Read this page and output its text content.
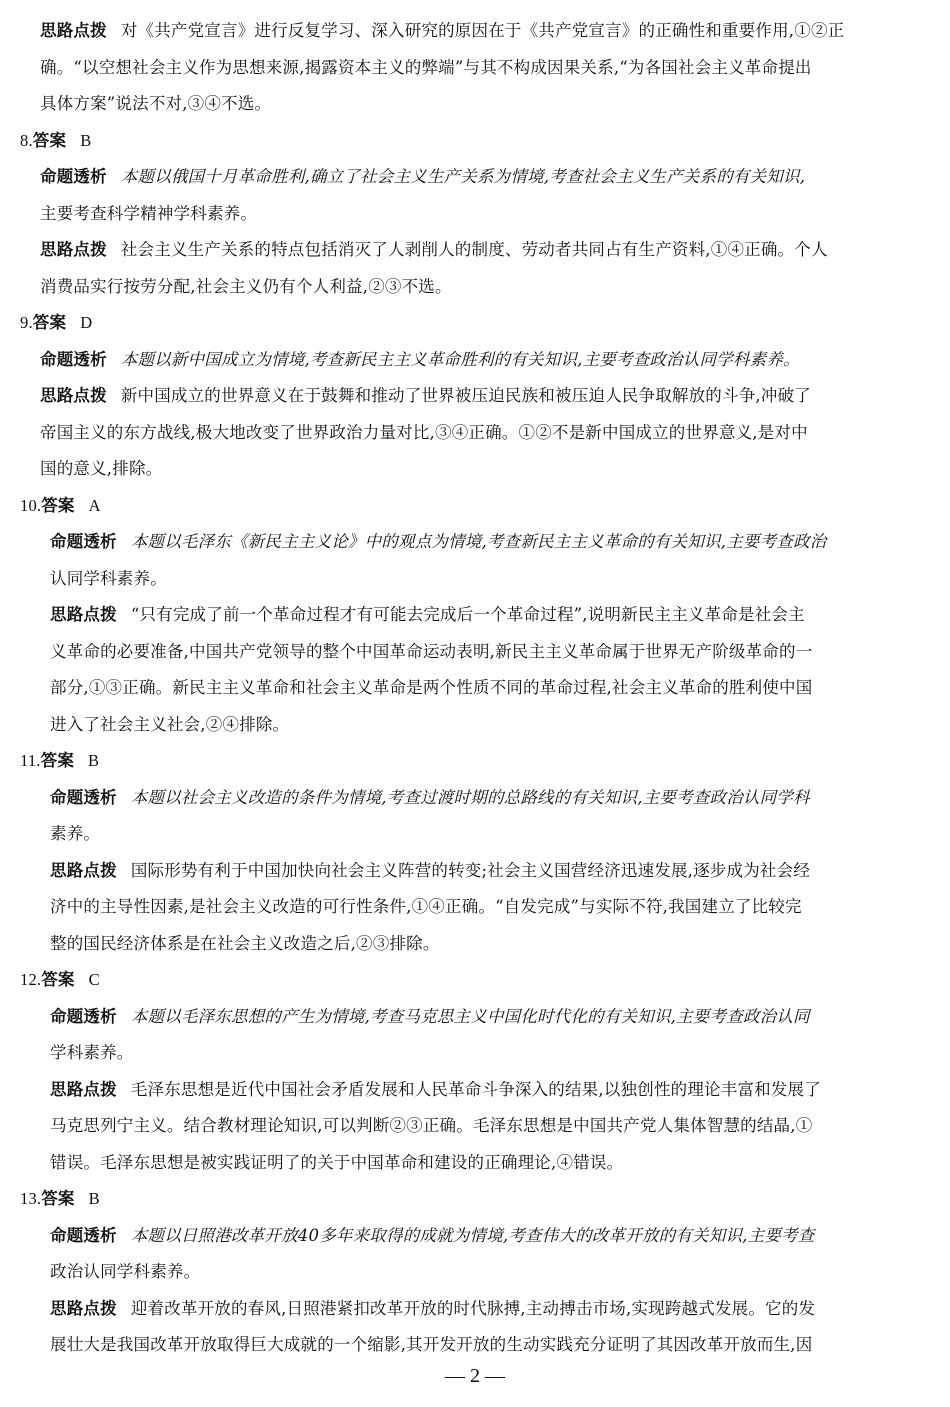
思路点拨 对《共产党宣言》进行反复学习、深入研究的原因在于《共产党宣言》的正确性和重要作用,①②正
确。“以空想社会主义作为思想来源,揭露资本主义的弊端”与其不构成因果关系,“为各国社会主义革命提出
具体方案”说法不对,③④不选。
8.答案 B
命题透析 本题以俄国十月革命胜利,确立了社会主义生产关系为情境,考查社会主义生产关系的有关知识,
主要考查科学精神学科素养。
思路点拨 社会主义生产关系的特点包括消灭了人剥削人的制度、劳动者共同占有生产资料,①④正确。个人
消费品实行按劳分配,社会主义仍有个人利益,②③不选。
9.答案 D
命题透析 本题以新中国成立为情境,考查新民主主义革命胜利的有关知识,主要考查政治认同学科素养。
思路点拨 新中国成立的世界意义在于鼓舞和推动了世界被压迫民族和被压迫人民争取解放的斗争,冲破了
帝国主义的东方战线,极大地改变了世界政治力量对比,③④正确。①②不是新中国成立的世界意义,是对中
国的意义,排除。
10.答案 A
命题透析 本题以毛泽东《新民主主义论》中的观点为情境,考查新民主主义革命的有关知识,主要考查政治
认同学科素养。
思路点拨 “只有完成了前一个革命过程才有可能去完成后一个革命过程”,说明新民主主义革命是社会主
义革命的必要准备,中国共产党领导的整个中国革命运动表明,新民主主义革命属于世界无产阶级革命的一
部分,①③正确。新民主主义革命和社会主义革命是两个性质不同的革命过程,社会主义革命的胜利使中国
进入了社会主义社会,②④排除。
11.答案 B
命题透析 本题以社会主义改造的条件为情境,考查过渡时期的总路线的有关知识,主要考查政治认同学科
素养。
思路点拨 国际形势有利于中国加快向社会主义阵营的转变;社会主义国营经济迅速发展,逐步成为社会经
济中的主导性因素,是社会主义改造的可行性条件,①④正确。“自发完成”与实际不符,我国建立了比较完
整的国民经济体系是在社会主义改造之后,②③排除。
12.答案 C
命题透析 本题以毛泽东思想的产生为情境,考查马克思主义中国化时代化的有关知识,主要考查政治认同
学科素养。
思路点拨 毛泽东思想是近代中国社会矛盾发展和人民革命斗争深入的结果,以独创性的理论丰富和发展了
马克思列宁主义。结合教材理论知识,可以判断②③正确。毛泽东思想是中国共产党人集体智慧的结晶,①
错误。毛泽东思想是被实践证明了的关于中国革命和建设的正确理论,④错误。
13.答案 B
命题透析 本题以日照港改革开放40多年来取得的成就为情境,考查伟大的改革开放的有关知识,主要考查
政治认同学科素养。
思路点拨 迎着改革开放的春风,日照港紧扣改革开放的时代脉搏,主动搏击市场,实现跨越式发展。它的发
展壮大是我国改革开放取得巨大成就的一个缩影,其开发开放的生动实践充分证明了其因改革开放而生,因
— 2 —
